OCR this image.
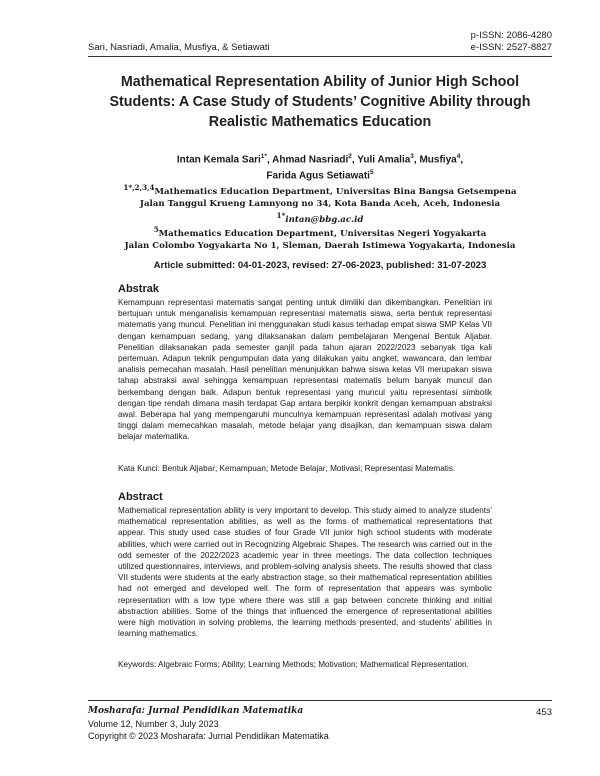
p-ISSN: 2086-4280
e-ISSN: 2527-8827
Sari, Nasriadi, Amalia, Musfiya, & Setiawati
Mathematical Representation Ability of Junior High School Students: A Case Study of Students’ Cognitive Ability through Realistic Mathematics Education
Intan Kemala Sari$^{1*}$, Ahmad Nasriadi$^2$, Yuli Amalia$^3$, Musfiya$^4$,
Farida Agus Setiawati$^5$
$^{1*,2,3,4}$Mathematics Education Department, Universitas Bina Bangsa Getsempena
Jalan Tanggul Krueng Lamnyong no 34, Kota Banda Aceh, Aceh, Indonesia
$^{1*}$intan@bbg.ac.id
$^5$Mathematics Education Department, Universitas Negeri Yogyakarta
Jalan Colombo Yogyakarta No 1, Sleman, Daerah Istimewa Yogyakarta, Indonesia
Article submitted: 04-01-2023, revised: 27-06-2023, published: 31-07-2023
Abstrak
Kemampuan representasi matematis sangat penting untuk dimiliki dan dikembangkan. Penelitian ini bertujuan untuk menganalisis kemampuan representasi matematis siswa, serta bentuk representasi matematis yang muncul. Penelitian ini menggunakan studi kasus terhadap empat siswa SMP Kelas VII dengan kemampuan sedang, yang dilaksanakan dalam pembelajaran Mengenal Bentuk Aljabar. Penelitian dilaksanakan pada semester ganjil pada tahun ajaran 2022/2023 sebanyak tiga kali pertemuan. Adapun teknik pengumpulan data yang dilakukan yaitu angket, wawancara, dan lembar analisis pemecahan masalah. Hasil penelitian menunjukkan bahwa siswa kelas VII merupakan siswa tahap abstraksi awal sehingga kemampuan representasi matematis belum banyak muncul dan berkembang dengan baik. Adapun bentuk representasi yang muncul yaitu representasi simbolik dengan tipe rendah dimana masih terdapat Gap antara berpikir konkrit dengan kemampuan abstraksi awal. Beberapa hal yang mempengaruhi munculnya kemampuan representasi adalah motivasi yang tinggi dalam memecahkan masalah, metode belajar yang disajikan, dan kemampuan siswa dalam belajar matematika.
Kata Kunci: Bentuk Aljabar; Kemampuan; Metode Belajar; Motivasi; Representasi Matematis.
Abstract
Mathematical representation ability is very important to develop. This study aimed to analyze students’ mathematical representation abilities, as well as the forms of mathematical representations that appear. This study used case studies of four Grade VII junior high school students with moderate abilities, which were carried out in Recognizing Algebraic Shapes. The research was carried out in the odd semester of the 2022/2023 academic year in three meetings. The data collection techniques utilized questionnaires, interviews, and problem-solving analysis sheets. The results showed that class VII students were students at the early abstraction stage, so their mathematical representation abilities had not emerged and developed well. The form of representation that appears was symbolic representation with a low type where there was still a gap between concrete thinking and initial abstraction abilities. Some of the things that influenced the emergence of representational abilities were high motivation in solving problems, the learning methods presented, and students’ abilities in learning mathematics.
Keywords: Algebraic Forms; Ability; Learning Methods; Motivation; Mathematical Representation.
Mosharafa: Jurnal Pendidikan Matematika	453
Volume 12, Number 3, July 2023
Copyright © 2023 Mosharafa: Jurnal Pendidikan Matematika
